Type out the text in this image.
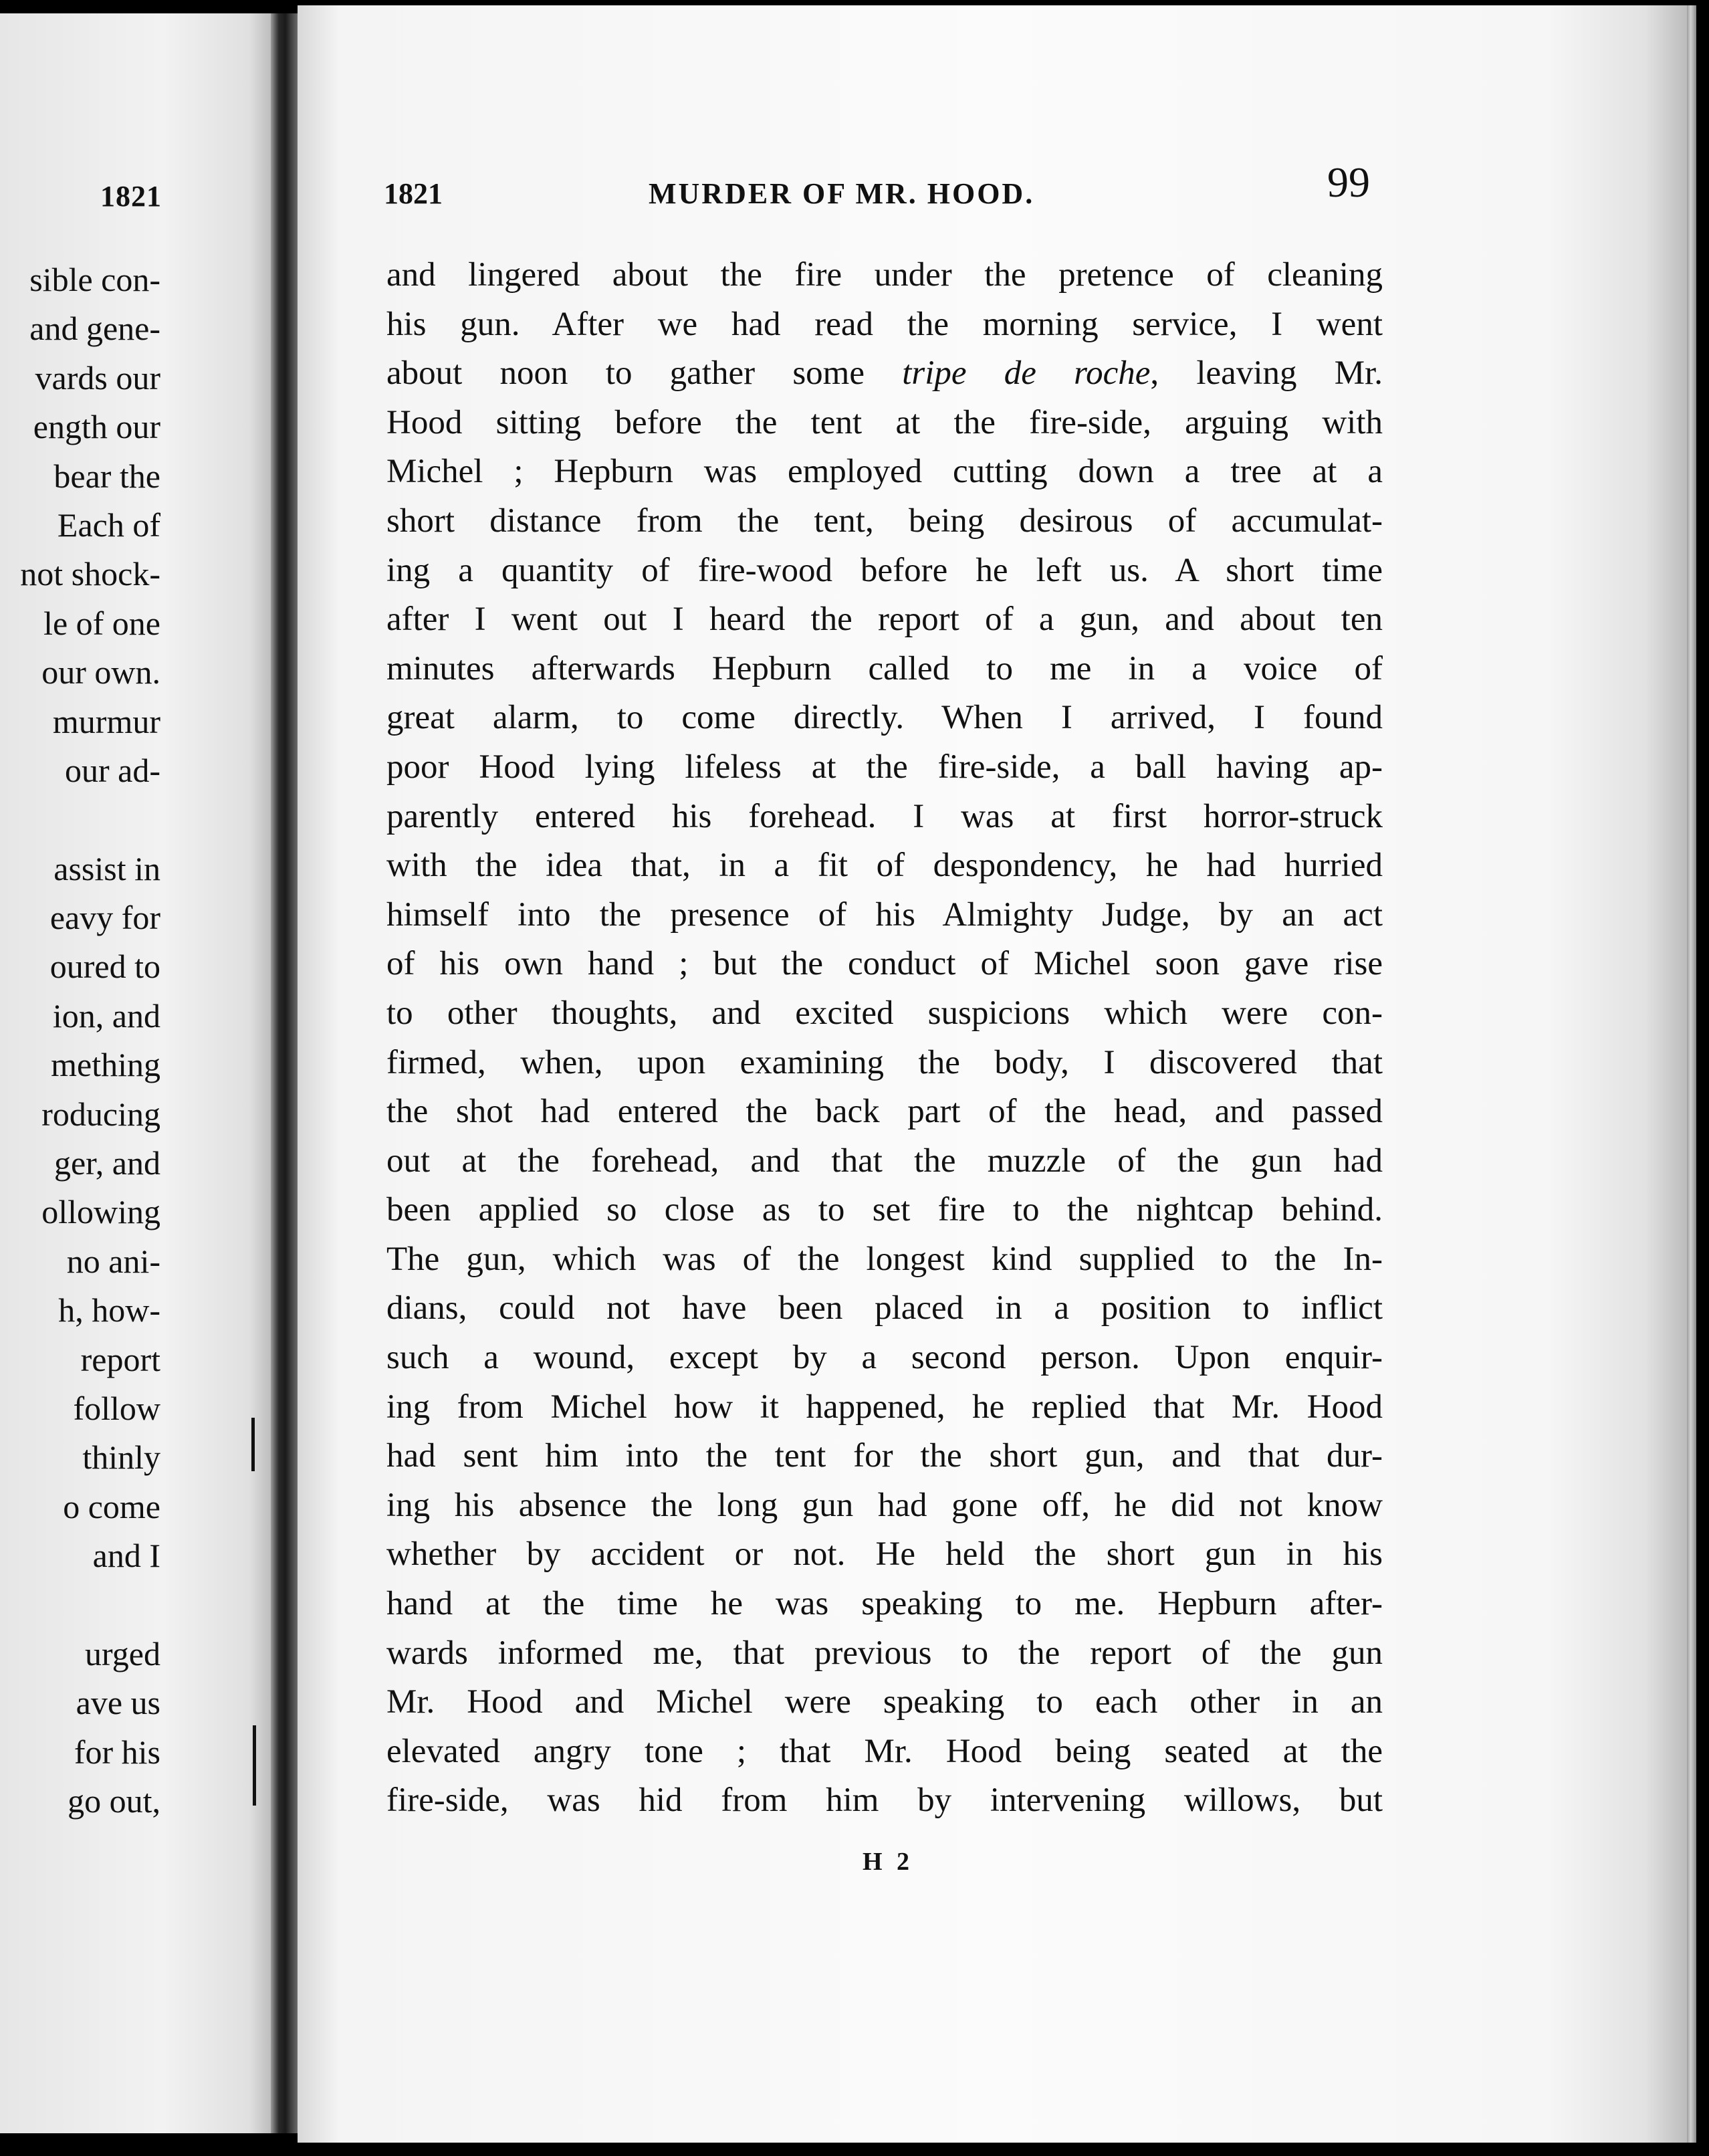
1821
sible con-
and gene-
vards our
ength our
bear the
Each of
not shock-
le of one
our own.
murmur
our ad-
assist in
eavy for
oured to
ion, and
mething
roducing
ger, and
ollowing
no ani-
h, how-
report
follow
thinly
o come
and I
urged
ave us
for his
go out,
1821	MURDER OF MR. HOOD.	99
and lingered about the fire under the pretence of cleaning
his gun. After we had read the morning service, I went
about noon to gather some tripe de roche, leaving Mr.
Hood sitting before the tent at the fire-side, arguing with
Michel ; Hepburn was employed cutting down a tree at a
short distance from the tent, being desirous of accumulat-
ing a quantity of fire-wood before he left us. A short time
after I went out I heard the report of a gun, and about ten
minutes afterwards Hepburn called to me in a voice of
great alarm, to come directly. When I arrived, I found
poor Hood lying lifeless at the fire-side, a ball having ap-
parently entered his forehead. I was at first horror-struck
with the idea that, in a fit of despondency, he had hurried
himself into the presence of his Almighty Judge, by an act
of his own hand ; but the conduct of Michel soon gave rise
to other thoughts, and excited suspicions which were con-
firmed, when, upon examining the body, I discovered that
the shot had entered the back part of the head, and passed
out at the forehead, and that the muzzle of the gun had
been applied so close as to set fire to the nightcap behind.
The gun, which was of the longest kind supplied to the In-
dians, could not have been placed in a position to inflict
such a wound, except by a second person. Upon enquir-
ing from Michel how it happened, he replied that Mr. Hood
had sent him into the tent for the short gun, and that dur-
ing his absence the long gun had gone off, he did not know
whether by accident or not. He held the short gun in his
hand at the time he was speaking to me. Hepburn after-
wards informed me, that previous to the report of the gun
Mr. Hood and Michel were speaking to each other in an
elevated angry tone ; that Mr. Hood being seated at the
fire-side, was hid from him by intervening willows, but
H 2
